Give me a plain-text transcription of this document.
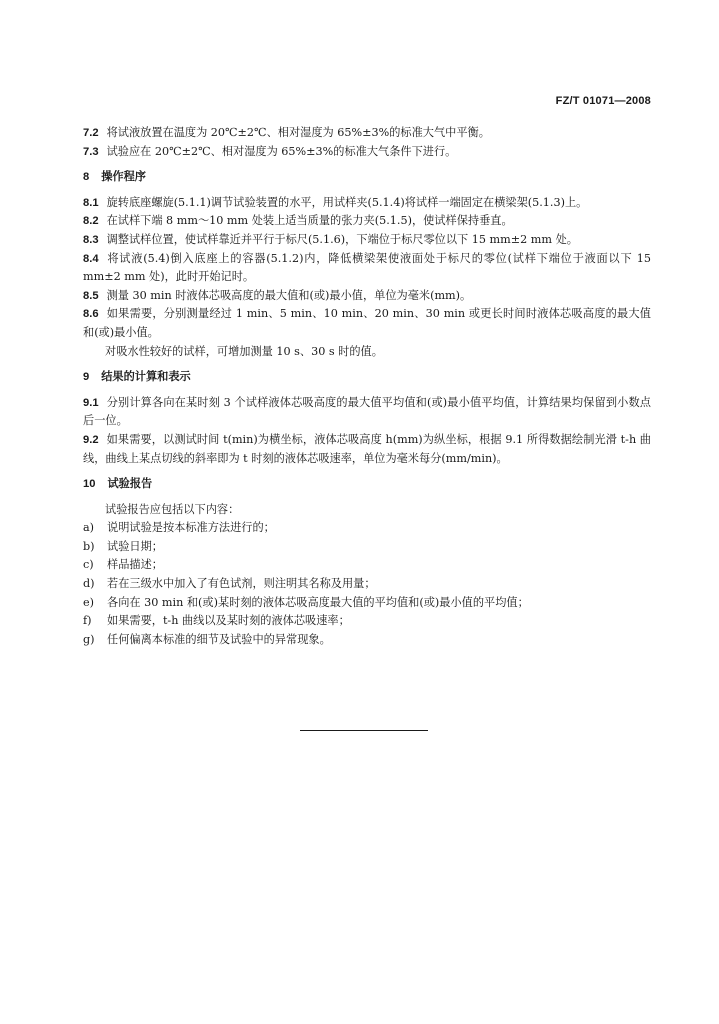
FZ/T 01071—2008

7.2 将试液放置在温度为 20℃±2℃、相对湿度为 65%±3%的标准大气中平衡。

7.3 试验应在 20℃±2℃、相对湿度为 65%±3%的标准大气条件下进行。

8 操作程序

8.1 旋转底座螺旋(5.1.1)调节试验装置的水平，用试样夹(5.1.4)将试样一端固定在横梁架(5.1.3)上。

8.2 在试样下端 8 mm～10 mm 处装上适当质量的张力夹(5.1.5)，使试样保持垂直。

8.3 调整试样位置，使试样靠近并平行于标尺(5.1.6)，下端位于标尺零位以下 15 mm±2 mm 处。

8.4 将试液(5.4)倒入底座上的容器(5.1.2)内，降低横梁架使液面处于标尺的零位(试样下端位于液面以下 15 mm±2 mm 处)，此时开始记时。

8.5 测量 30 min 时液体芯吸高度的最大值和(或)最小值，单位为毫米(mm)。

8.6 如果需要，分别测量经过 1 min、5 min、10 min、20 min、30 min 或更长时间时液体芯吸高度的最大值和(或)最小值。

对吸水性较好的试样，可增加测量 10 s、30 s 时的值。

9 结果的计算和表示

9.1 分别计算各向在某时刻 3 个试样液体芯吸高度的最大值平均值和(或)最小值平均值，计算结果均保留到小数点后一位。

9.2 如果需要，以测试时间 t(min)为横坐标，液体芯吸高度 h(mm)为纵坐标，根据 9.1 所得数据绘制光滑 t-h 曲线，曲线上某点切线的斜率即为 t 时刻的液体芯吸速率，单位为毫米每分(mm/min)。

10 试验报告

试验报告应包括以下内容：

a)	说明试验是按本标准方法进行的；

b)	试验日期；

c)	样品描述；

d)	若在三级水中加入了有色试剂，则注明其名称及用量；

e)	各向在 30 min 和(或)某时刻的液体芯吸高度最大值的平均值和(或)最小值的平均值；

f)	如果需要，t-h 曲线以及某时刻的液体芯吸速率；

g)	任何偏离本标准的细节及试验中的异常现象。
